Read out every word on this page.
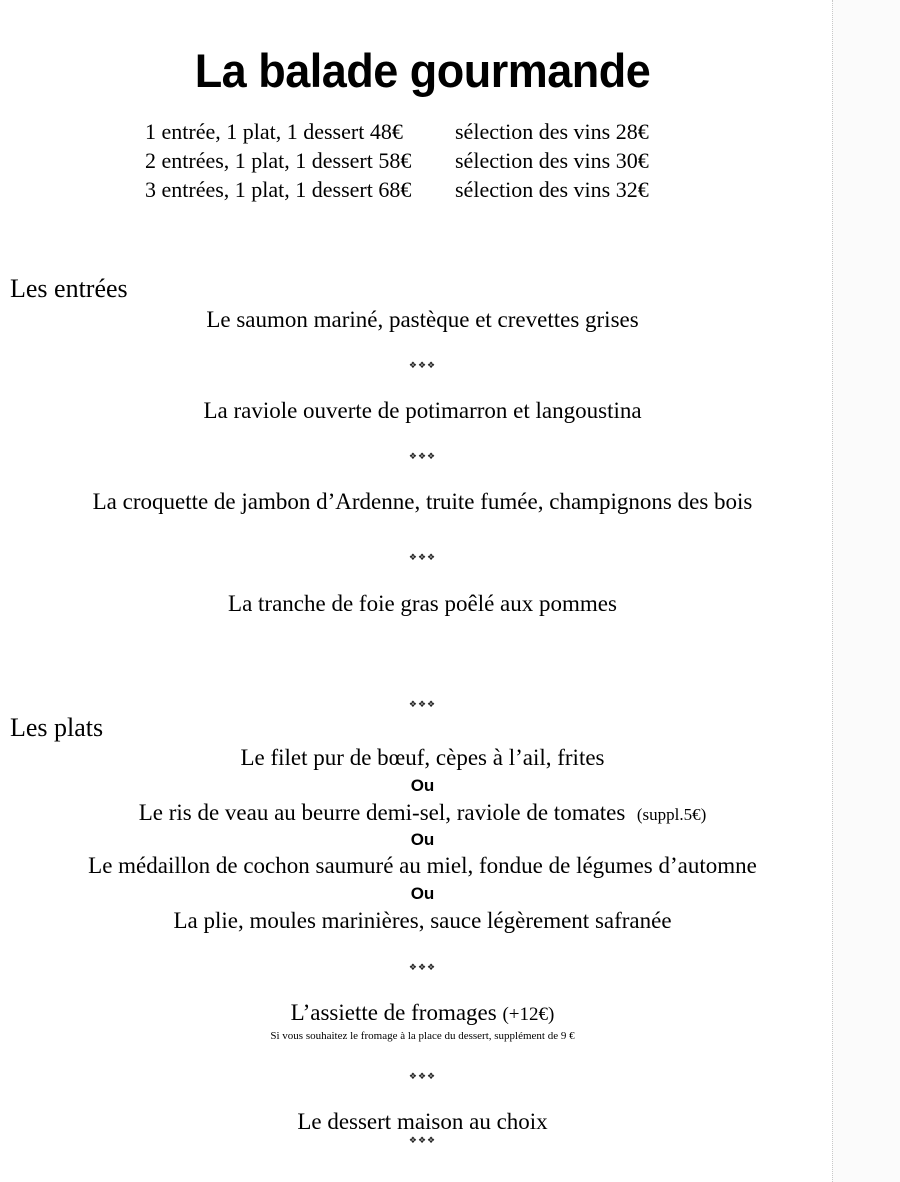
La balade gourmande
1 entrée, 1 plat, 1 dessert 48€ sélection des vins 28€
2 entrées, 1 plat, 1 dessert 58€ sélection des vins 30€
3 entrées, 1 plat, 1 dessert 68€ sélection des vins 32€
Les entrées
Le saumon mariné, pastèque et crevettes grises
❖❖❖
La raviole ouverte de potimarron et langoustina
❖❖❖
La croquette de jambon d’Ardenne, truite fumée, champignons des bois
❖❖❖
La tranche de foie gras poêlé aux pommes
❖❖❖
Les plats
Le filet pur de bœuf, cèpes à l’ail, frites
Ou
Le ris de veau au beurre demi-sel, raviole de tomates (suppl.5€)
Ou
Le médaillon de cochon saumuré au miel, fondue de légumes d’automne
Ou
La plie, moules marinières, sauce légèrement safranée
❖❖❖
L’assiette de fromages (+12€)
Si vous souhaitez le fromage à la place du dessert, supplément de 9 €
❖❖❖
Le dessert maison au choix
❖❖❖
